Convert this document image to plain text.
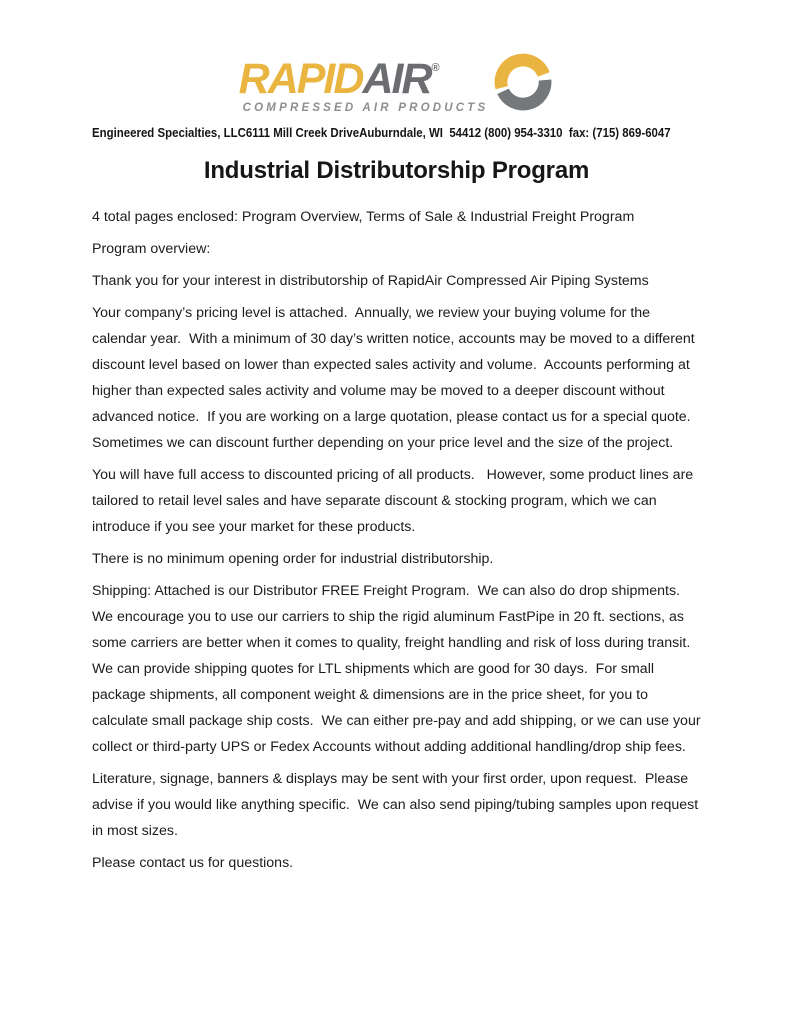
RAPIDAIR®
COMPRESSED AIR PRODUCTS
Engineered Specialties, LLC 6111 Mill Creek Drive Auburndale, WI  54412 (800) 954-3310  fax: (715) 869-6047
Industrial Distributorship Program

4 total pages enclosed: Program Overview, Terms of Sale & Industrial Freight Program

Program overview:

Thank you for your interest in distributorship of RapidAir Compressed Air Piping Systems

Your company’s pricing level is attached.  Annually, we review your buying volume for the calendar year.  With a minimum of 30 day’s written notice, accounts may be moved to a different discount level based on lower than expected sales activity and volume.  Accounts performing at higher than expected sales activity and volume may be moved to a deeper discount without advanced notice.  If you are working on a large quotation, please contact us for a special quote.  Sometimes we can discount further depending on your price level and the size of the project.

You will have full access to discounted pricing of all products.   However, some product lines are tailored to retail level sales and have separate discount & stocking program, which we can introduce if you see your market for these products.

There is no minimum opening order for industrial distributorship.

Shipping: Attached is our Distributor FREE Freight Program.  We can also do drop shipments.  We encourage you to use our carriers to ship the rigid aluminum FastPipe in 20 ft. sections, as some carriers are better when it comes to quality, freight handling and risk of loss during transit.  We can provide shipping quotes for LTL shipments which are good for 30 days.  For small package shipments, all component weight & dimensions are in the price sheet, for you to calculate small package ship costs.  We can either pre-pay and add shipping, or we can use your collect or third-party UPS or Fedex Accounts without adding additional handling/drop ship fees.

Literature, signage, banners & displays may be sent with your first order, upon request.  Please advise if you would like anything specific.  We can also send piping/tubing samples upon request in most sizes.

Please contact us for questions.
